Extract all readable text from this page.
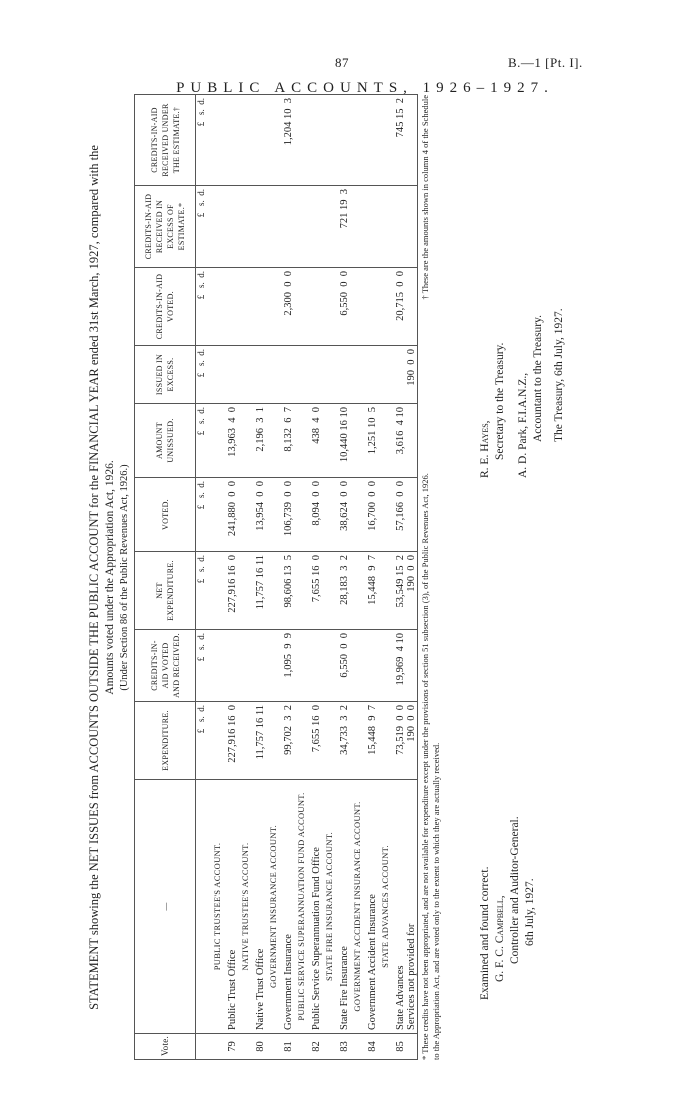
87	B.—1 [Pt. I].
PUBLIC ACCOUNTS, 1926–1927.

STATEMENT showing the NET ISSUES from ACCOUNTS OUTSIDE THE PUBLIC ACCOUNT for the FINANCIAL YEAR ended 31st March, 1927, compared with the Amounts voted under the Appropriation Act, 1926. (Under Section 86 of the Public Revenues Act, 1926.)

Vote.	—	EXPENDITURE.	CREDITS-IN-AID VOTED AND RECEIVED.	NET EXPENDITURE.	VOTED.	AMOUNT UNISSUED.	ISSUED IN EXCESS.	CREDITS-IN-AID VOTED.	CREDITS-IN-AID RECEIVED IN EXCESS OF ESTIMATE.*	CREDITS-IN-AID RECEIVED UNDER THE ESTIMATE.†

		£   s.  d.	£   s.  d.	£   s.  d.	£   s.  d.	£   s.  d.	£   s.  d.	£   s.  d.	£   s.  d.	£   s.  d.

	PUBLIC TRUSTEE'S ACCOUNT.									
79	Public Trust Office	227,916 16  0		227,916 16  0	241,880  0  0	13,963  4  0				
	NATIVE TRUSTEE'S ACCOUNT.									
80	Native Trust Office	11,757 16 11		11,757 16 11	13,954  0  0	2,196  3  1				
	GOVERNMENT INSURANCE ACCOUNT.									
81	Government Insurance	99,702  3  2	1,095  9  9	98,606 13  5	106,739  0  0	8,132  6  7		2,300  0  0		1,204 10  3
	PUBLIC SERVICE SUPERANNUATION FUND ACCOUNT.									
82	Public Service Superannuation Fund Office	7,655 16  0		7,655 16  0	8,094  0  0	438  4  0				
	STATE FIRE INSURANCE ACCOUNT.									
83	State Fire Insurance	34,733  3  2	6,550  0  0	28,183  3  2	38,624  0  0	10,440 16 10		6,550  0  0	721 19  3	
	GOVERNMENT ACCIDENT INSURANCE ACCOUNT.									
84	Government Accident Insurance	15,448  9  7		15,448  9  7	16,700  0  0	1,251 10  5				
	STATE ADVANCES ACCOUNT.									
85	State Advances	73,519  0  0	19,969  4 10	53,549 15  2	57,166  0  0	3,616  4 10		20,715  0  0		745 15  2
	Services not provided for	190  0  0		190  0  0			190  0  0			
* These credits have not been appropriated, and are not available for expenditure except under the provisions of section 51 subsection (3), of the Public Revenues Act, 1926.
† These are the amounts shown in column 4 of the Schedule
to the Appropriation Act, and are voted only to the extent to which they are actually received.	Examined and found correct. G. F. C. Campbell, Controller and Auditor-General. 6th July, 1927.
R. E. Hayes, Secretary to the Treasury. A. D. Park, F.I.A.N.Z., Accountant to the Treasury. The Treasury, 6th July, 1927.
